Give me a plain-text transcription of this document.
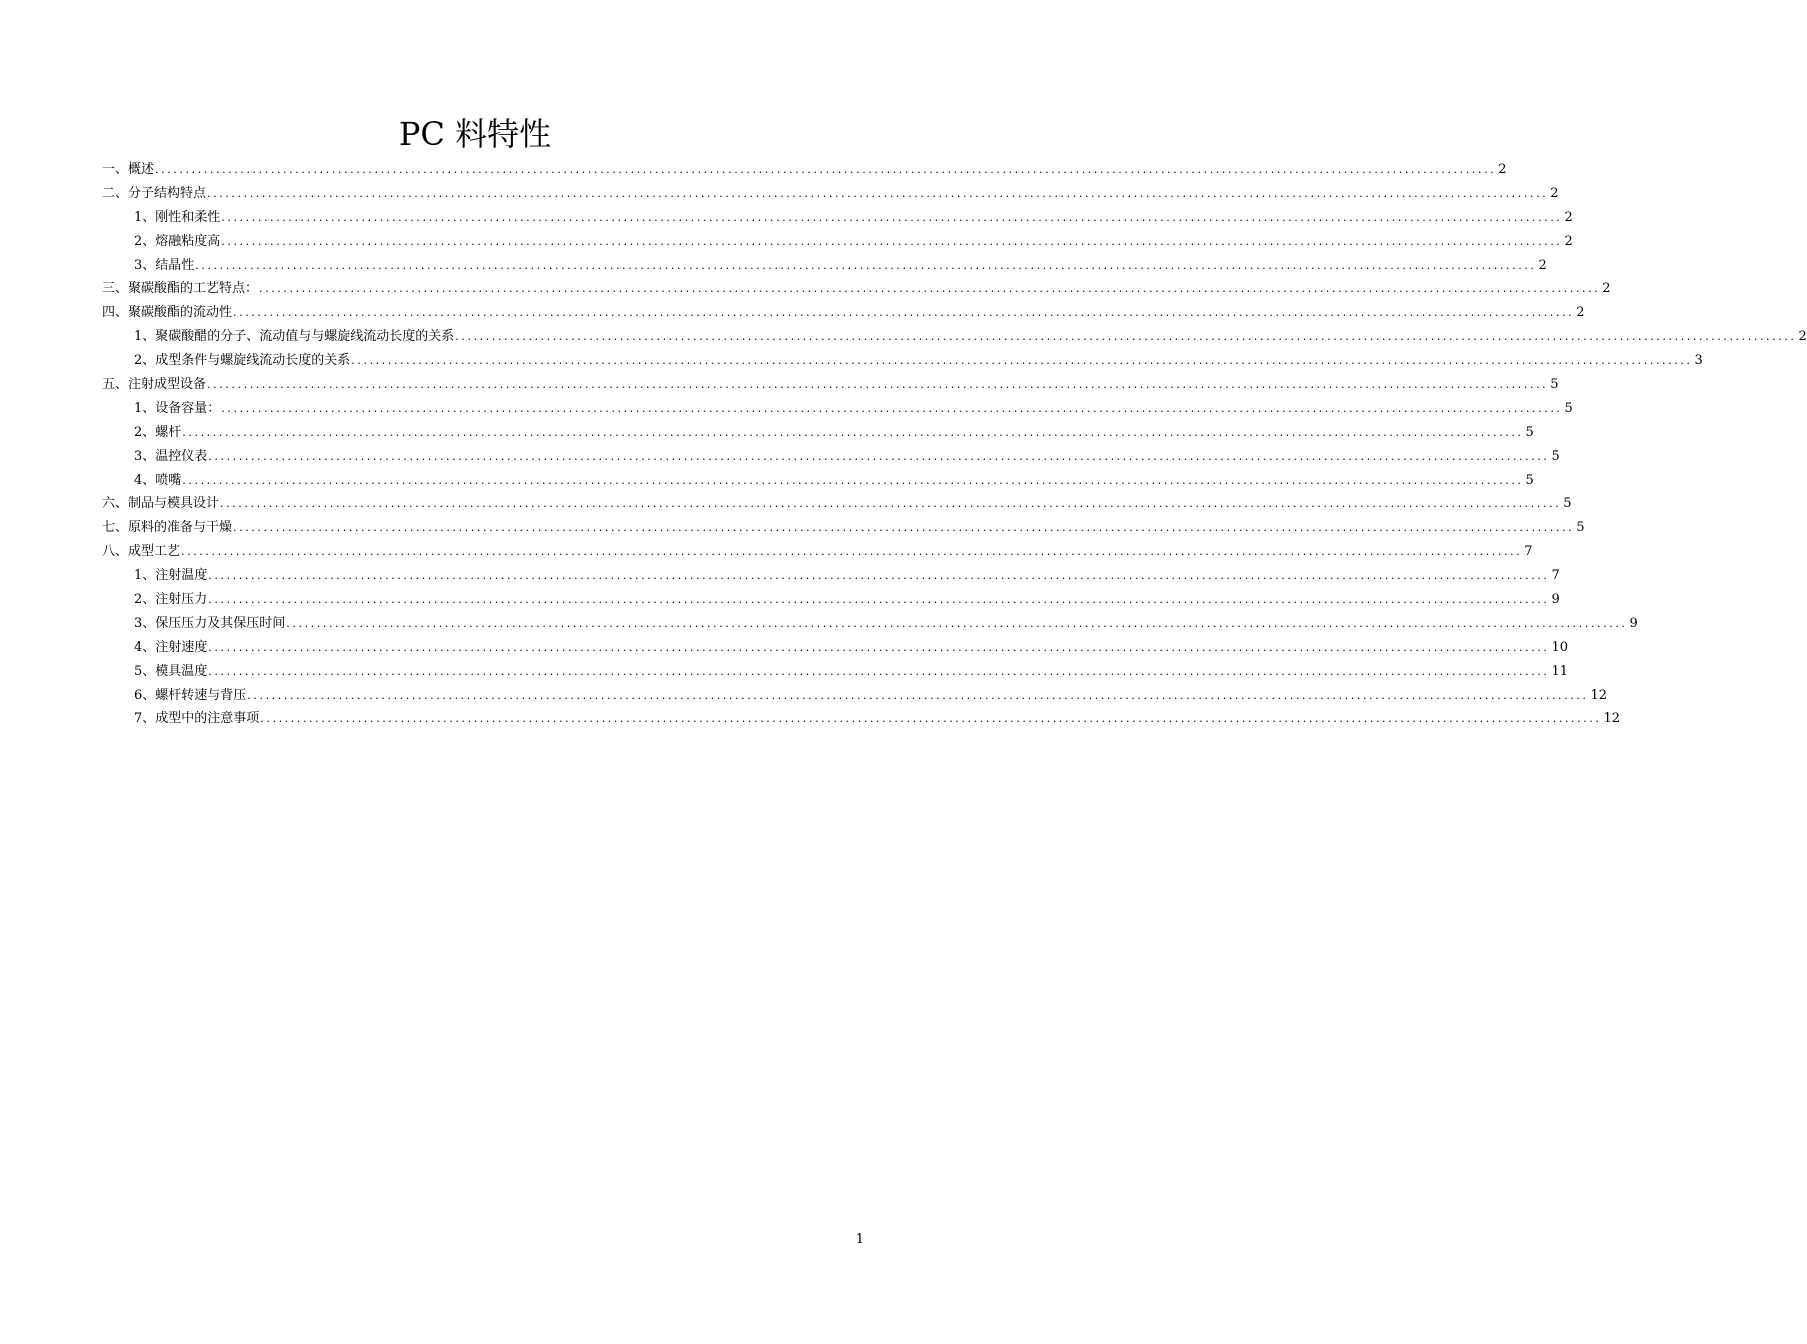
PC 料特性
一、概述 ............................................................................................................................................................................................................................ 2
二、分子结构特点 ............................................................................................................................................................................................................................ 2
1、刚性和柔性 ............................................................................................................................................................................................................................ 2
2、熔融粘度高 ............................................................................................................................................................................................................................ 2
3、结晶性 ............................................................................................................................................................................................................................ 2
三、聚碳酸酯的工艺特点： ............................................................................................................................................................................................................................ 2
四、聚碳酸酯的流动性 ............................................................................................................................................................................................................................ 2
1、聚碳酸醋的分子、流动值与与螺旋线流动长度的关系 ............................................................................................................................................................................................................................ 2
2、成型条件与螺旋线流动长度的关系 ............................................................................................................................................................................................................................ 3
五、注射成型设备 ............................................................................................................................................................................................................................ 5
1、设备容量： ............................................................................................................................................................................................................................ 5
2、螺杆 ............................................................................................................................................................................................................................ 5
3、温控仪表 ............................................................................................................................................................................................................................ 5
4、喷嘴 ............................................................................................................................................................................................................................ 5
六、制品与模具设计 ............................................................................................................................................................................................................................ 5
七、原料的准备与干燥 ............................................................................................................................................................................................................................ 5
八、成型工艺 ............................................................................................................................................................................................................................ 7
1、注射温度 ............................................................................................................................................................................................................................ 7
2、注射压力 ............................................................................................................................................................................................................................ 9
3、保压压力及其保压时间 ............................................................................................................................................................................................................................ 9
4、注射速度 ............................................................................................................................................................................................................................ 10
5、模具温度 ............................................................................................................................................................................................................................ 11
6、螺杆转速与背压 ............................................................................................................................................................................................................................ 12
7、成型中的注意事项 ............................................................................................................................................................................................................................ 12
1
